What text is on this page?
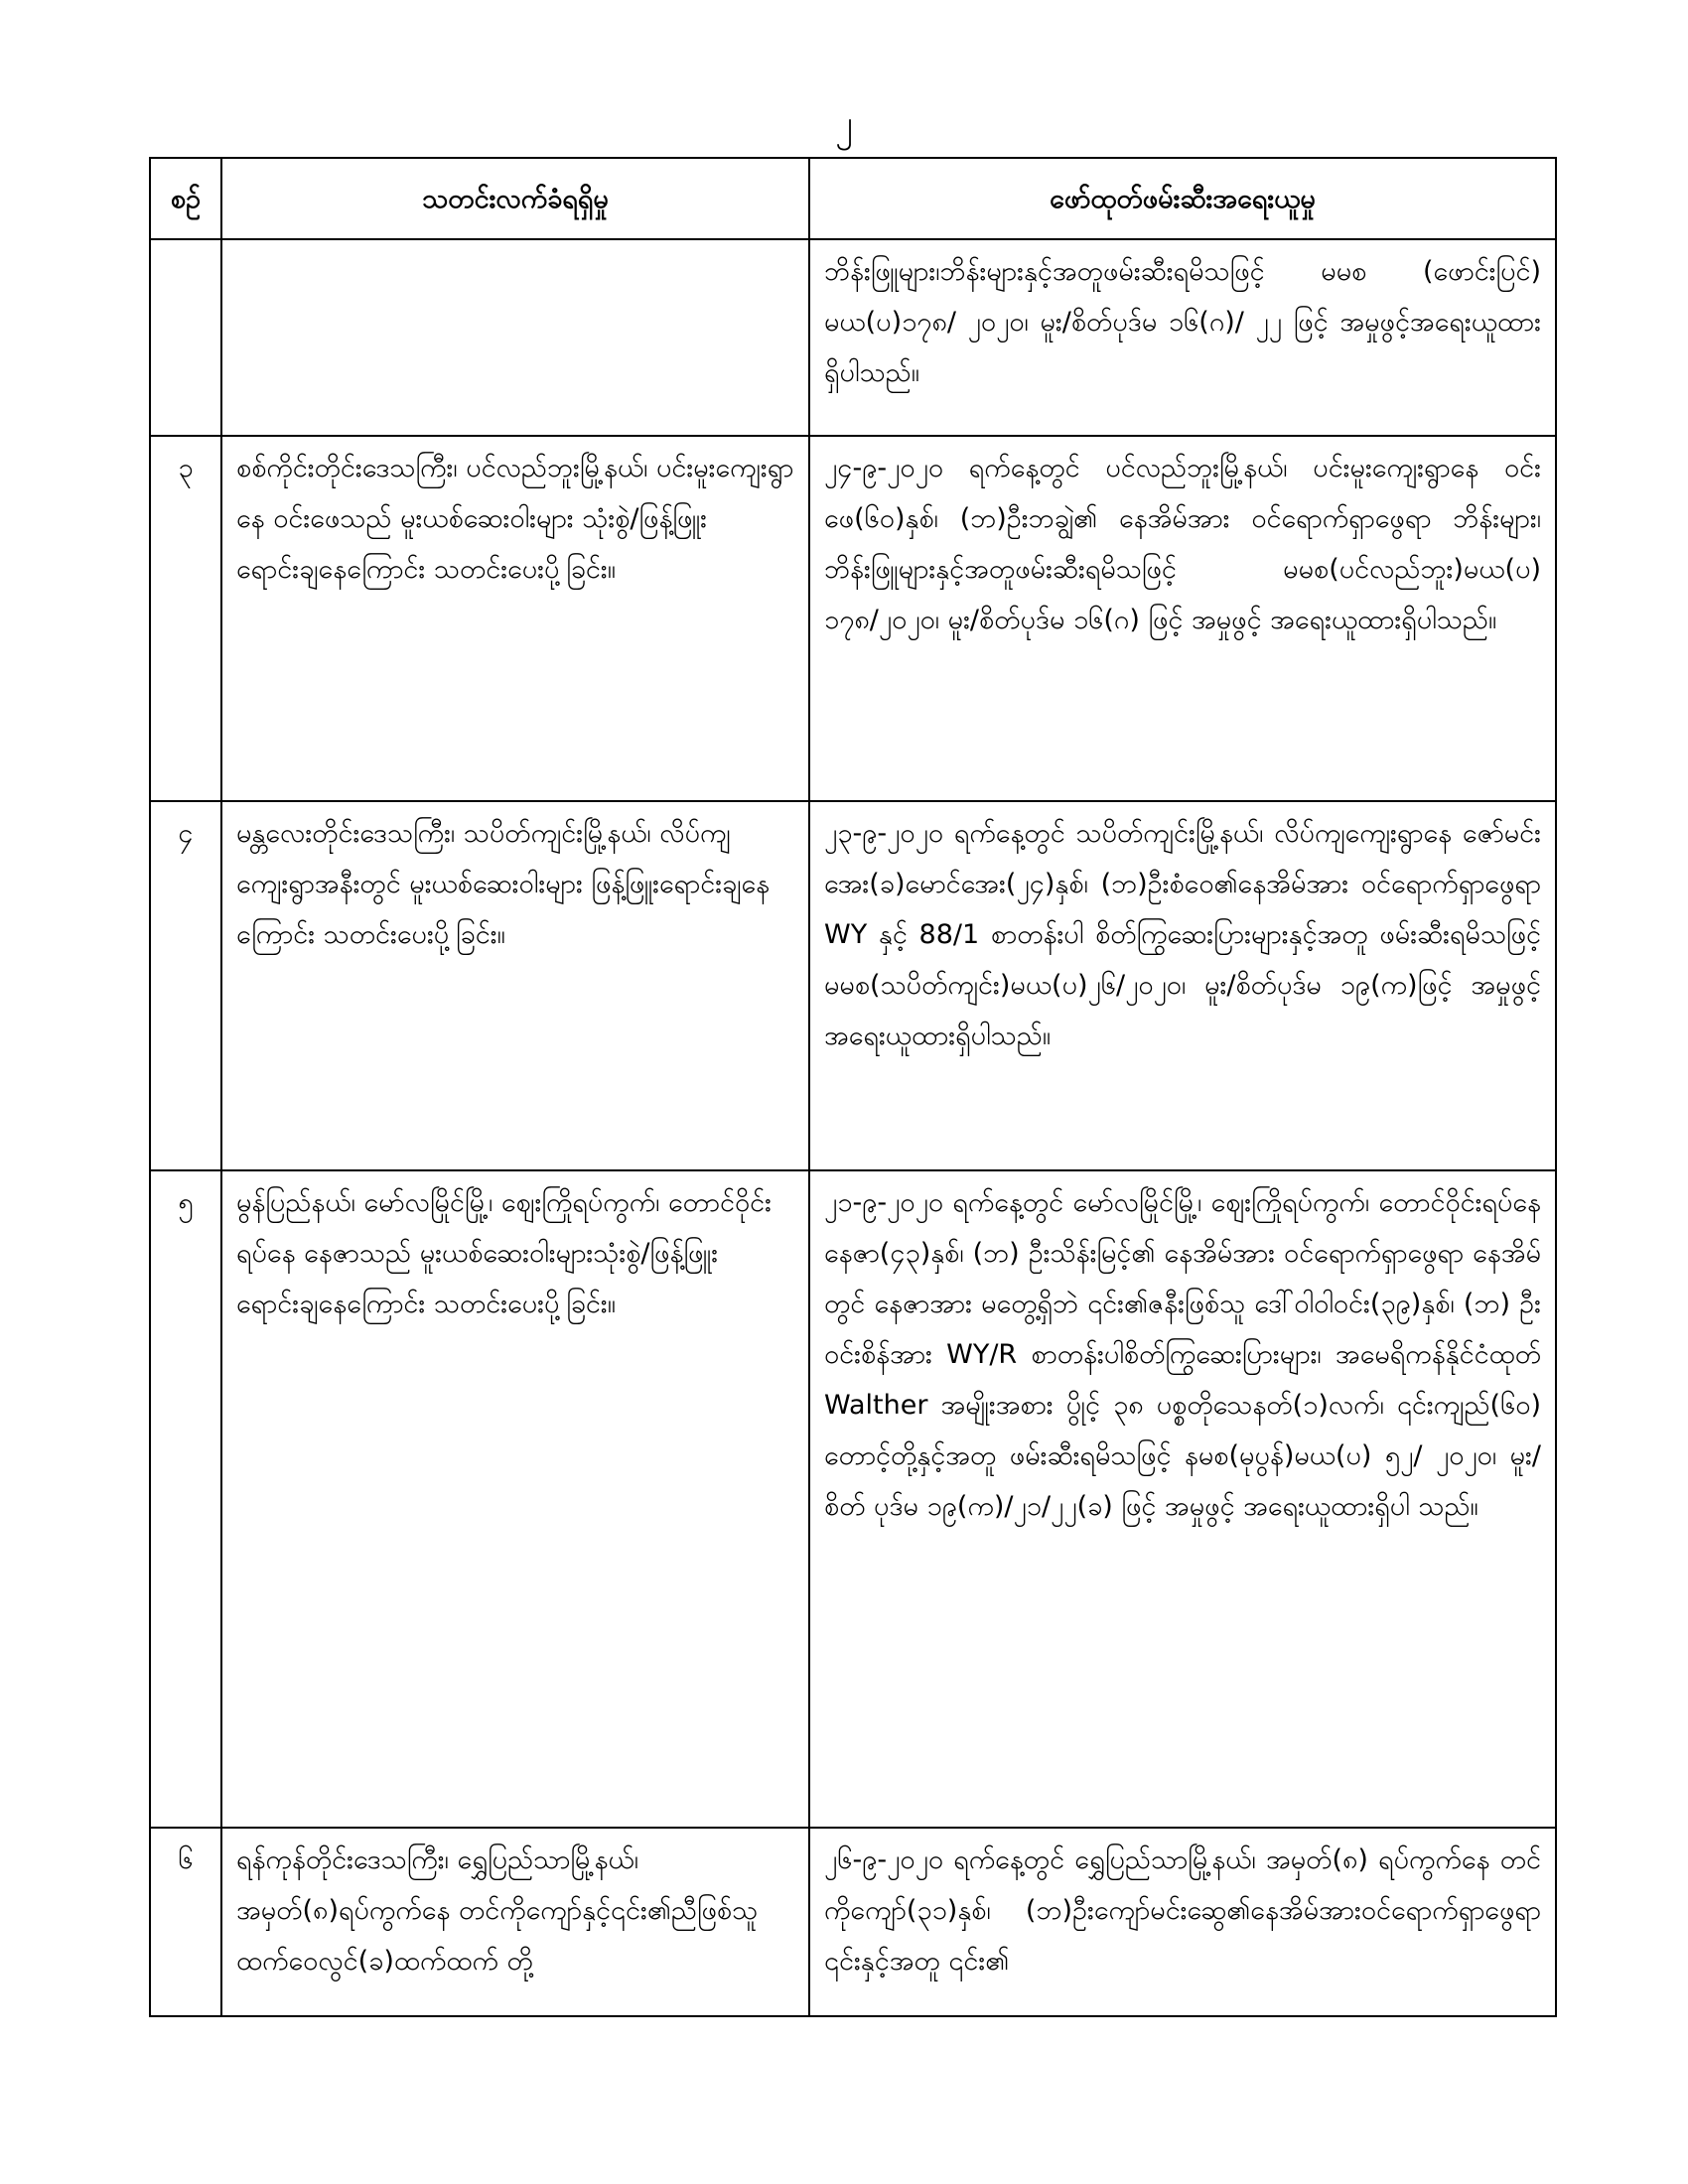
၂
စဉ်	သတင်းလက်ခံရရှိမှု	ဖော်ထုတ်ဖမ်းဆီးအရေးယူမှု
		ဘိန်းဖြူများ၊ဘိန်းများနှင့်အတူဖမ်းဆီးရမိသဖြင့် မမစ (ဖောင်းပြင်) မယ(ပ)၁၇၈/ ၂၀၂၀၊ မူး/စိတ်ပုဒ်မ ၁၆(ဂ)/ ၂၂ ဖြင့် အမှုဖွင့်အရေးယူထား ရှိပါသည်။
၃	စစ်ကိုင်းတိုင်းဒေသကြီး၊ ပင်လည်ဘူးမြို့နယ်၊ ပင်းမူးကျေးရွာနေ ဝင်းဖေသည် မူးယစ်ဆေးဝါးများ သုံးစွဲ/ဖြန့်ဖြူး ရောင်းချနေကြောင်း သတင်းပေးပို့ခြင်း။	၂၄-၉-၂၀၂၀ ရက်နေ့တွင် ပင်လည်ဘူးမြို့နယ်၊ ပင်းမူးကျေးရွာနေ ဝင်းဖေ(၆၀)နှစ်၊ (ဘ)ဦးဘချွဲ၏ နေအိမ်အား ဝင်ရောက်ရှာဖွေရာ ဘိန်းများ၊ ဘိန်းဖြူများနှင့်အတူဖမ်းဆီးရမိသဖြင့် မမစ(ပင်လည်ဘူး)မယ(ပ) ၁၇၈/၂၀၂၀၊ မူး/စိတ်ပုဒ်မ ၁၆(ဂ) ဖြင့် အမှုဖွင့် အရေးယူထားရှိပါသည်။
၄	မန္တလေးတိုင်းဒေသကြီး၊ သပိတ်ကျင်းမြို့နယ်၊ လိပ်ကျကျေးရွာအနီးတွင် မူးယစ်ဆေးဝါးများ ဖြန့်ဖြူးရောင်းချနေကြောင်း သတင်းပေးပို့ခြင်း။	၂၃-၉-၂၀၂၀ ရက်နေ့တွင် သပိတ်ကျင်းမြို့နယ်၊ လိပ်ကျကျေးရွာနေ ဇော်မင်းအေး(ခ)မောင်အေး(၂၄)နှစ်၊ (ဘ)ဦးစံဝေ၏နေအိမ်အား ဝင်ရောက်ရှာဖွေရာ WY နှင့် 88/1 စာတန်းပါ စိတ်ကြွဆေးပြားများနှင့်အတူ ဖမ်းဆီးရမိသဖြင့် မမစ(သပိတ်ကျင်း)မယ(ပ)၂၆/၂၀၂၀၊ မူး/စိတ်ပုဒ်မ ၁၉(က)ဖြင့် အမှုဖွင့် အရေးယူထားရှိပါသည်။
၅	မွန်ပြည်နယ်၊ မော်လမြိုင်မြို့၊ ဈေးကြိုရပ်ကွက်၊ တောင်ဝိုင်းရပ်နေ နေဇာသည် မူးယစ်ဆေးဝါးများသုံးစွဲ/ဖြန့်ဖြူး ရောင်းချနေကြောင်း သတင်းပေးပို့ခြင်း။	၂၁-၉-၂၀၂၀ ရက်နေ့တွင် မော်လမြိုင်မြို့၊ ဈေးကြိုရပ်ကွက်၊ တောင်ဝိုင်းရပ်နေ နေဇာ(၄၃)နှစ်၊ (ဘ) ဦးသိန်းမြင့်၏ နေအိမ်အား ဝင်ရောက်ရှာဖွေရာ နေအိမ်တွင် နေဇာအား မတွေ့ရှိဘဲ ၎င်း၏ဇနီးဖြစ်သူ ဒေါ်ဝါဝါဝင်း(၃၉)နှစ်၊ (ဘ) ဦးဝင်းစိန်အား WY/R စာတန်းပါစိတ်ကြွဆေးပြားများ၊ အမေရိကန်နိုင်ငံထုတ် Walther အမျိုးအစား ပွိုင့် ၃၈ ပစ္စတိုသေနတ်(၁)လက်၊ ၎င်းကျည်(၆၀) တောင့်တို့နှင့်အတူ ဖမ်းဆီးရမိသဖြင့် နမစ(မုပွန်)မယ(ပ) ၅၂/ ၂၀၂၀၊ မူး/စိတ် ပုဒ်မ ၁၉(က)/၂၁/၂၂(ခ) ဖြင့် အမှုဖွင့် အရေးယူထားရှိပါ သည်။
၆	ရန်ကုန်တိုင်းဒေသကြီး၊ ရွှေပြည်သာမြို့နယ်၊ အမှတ်(၈)ရပ်ကွက်နေ တင်ကိုကျော်နှင့်၎င်း၏ညီဖြစ်သူ ထက်ဝေလွင်(ခ)ထက်ထက် တို့	၂၆-၉-၂၀၂၀ ရက်နေ့တွင် ရွှေပြည်သာမြို့နယ်၊ အမှတ်(၈) ရပ်ကွက်နေ တင်ကိုကျော်(၃၁)နှစ်၊ (ဘ)ဦးကျော်မင်းဆွေ၏နေအိမ်အားဝင်ရောက်ရှာဖွေရာ ၎င်းနှင့်အတူ ၎င်း၏
